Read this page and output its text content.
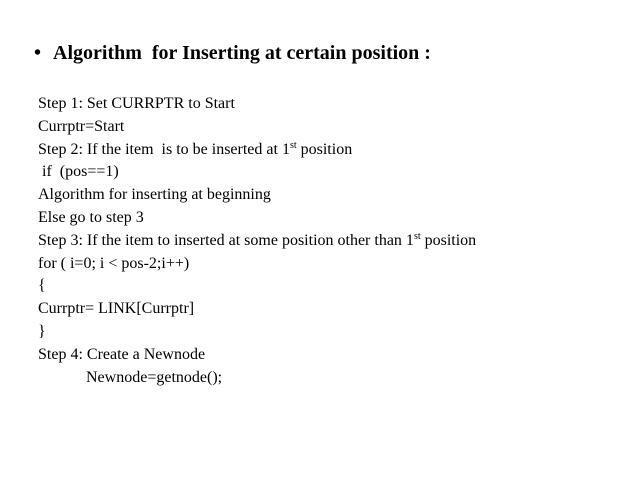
• Algorithm  for Inserting at certain position :
Step 1: Set CURRPTR to Start
Currptr=Start
Step 2: If the item  is to be inserted at 1st position
if  (pos==1)
Algorithm for inserting at beginning
Else go to step 3
Step 3: If the item to inserted at some position other than 1st position
for ( i=0; i < pos-2;i++)
{
Currptr= LINK[Currptr]
}
Step 4: Create a Newnode
Newnode=getnode();
